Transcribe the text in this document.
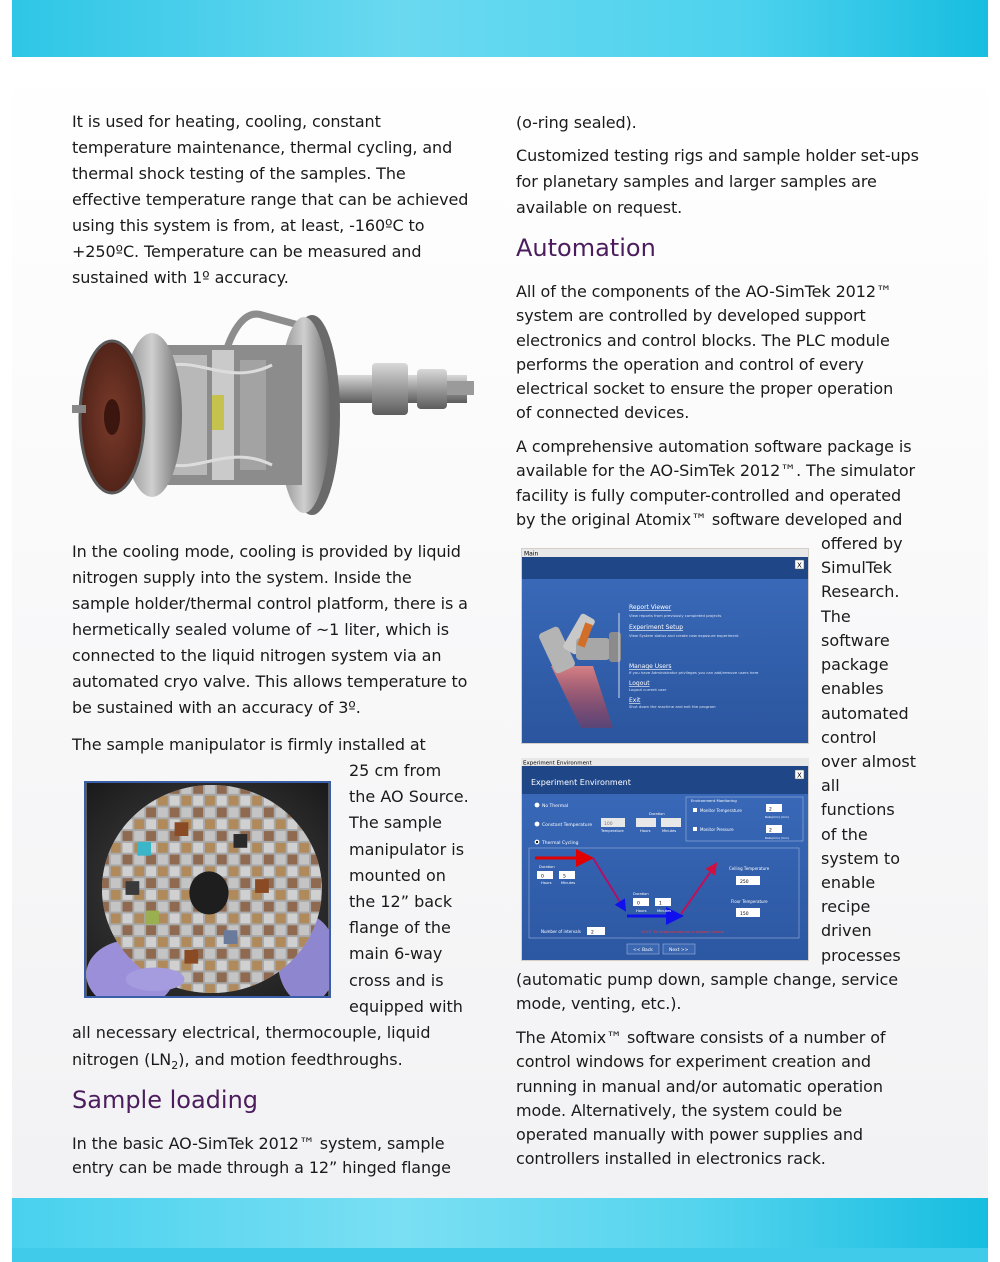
It is used for heating, cooling, constant temperature maintenance, thermal cycling, and thermal shock testing of the samples. The effective temperature range that can be achieved using this system is from, at least, -160ºC to +250ºC. Temperature can be measured and sustained with 1º accuracy.

In the cooling mode, cooling is provided by liquid nitrogen supply into the system. Inside the sample holder/thermal control platform, there is a hermetically sealed volume of ~1 liter, which is connected to the liquid nitrogen system via an automated cryo valve. This allows temperature to be sustained with an accuracy of 3º.

The sample manipulator is firmly installed at

25 cm from
the AO Source.
The sample
manipulator is
mounted on
the 12” back
flange of the
main 6-way
cross and is
equipped with
all necessary electrical, thermocouple, liquid
nitrogen $(LN_2)$, and motion feedthroughs.
Sample loading

In the basic AO-SimTek 2012™ system, sample entry can be made through a 12” hinged flange

(o-ring sealed).

Customized testing rigs and sample holder set-ups for planetary samples and larger samples are available on request.

Automation

All of the components of the AO-SimTek 2012™ system are controlled by developed support electronics and control blocks. The PLC module performs the operation and control of every electrical socket to ensure the proper operation of connected devices.

A comprehensive automation software package is available for the AO-SimTek 2012™. The simulator facility is fully computer-controlled and operated by the original Atomix™ software developed and

Main
X
Report Viewer
View reports from previously completed projects
Experiment Setup
View System status and create new exposure experiment
Manage Users
If you have Administrator privileges you can add/remove users here
Logout
Logout current user
Exit
Shut down the machine and exit the program
Experiment Environment
Experiment Environment
X
No Thermal
Constant Temperature
Thermal Cycling
100
Temperature
Duration
Hours	Minutes
Environment Monitoring
Monitor Temperature	2
Rate(min) (min)
Monitor Pressure	2
Rate(min) (min)
Duration
0	5
Hours	Minutes
Duration
0	1
Hours	Minutes
Ceiling Temperature
250
Floor Temperature
150
Number of intervals 2	NOTE: All temperatures are in degrees Celsius
<< Back	Next >>
offered by
SimulTek
Research.
The
software
package
enables
automated
control
over almost
all
functions
of the
system to
enable
recipe
driven
processes

(automatic pump down, sample change, service mode, venting, etc.).

The Atomix™ software consists of a number of control windows for experiment creation and running in manual and/or automatic operation mode. Alternatively, the system could be operated manually with power supplies and controllers installed in electronics rack.
